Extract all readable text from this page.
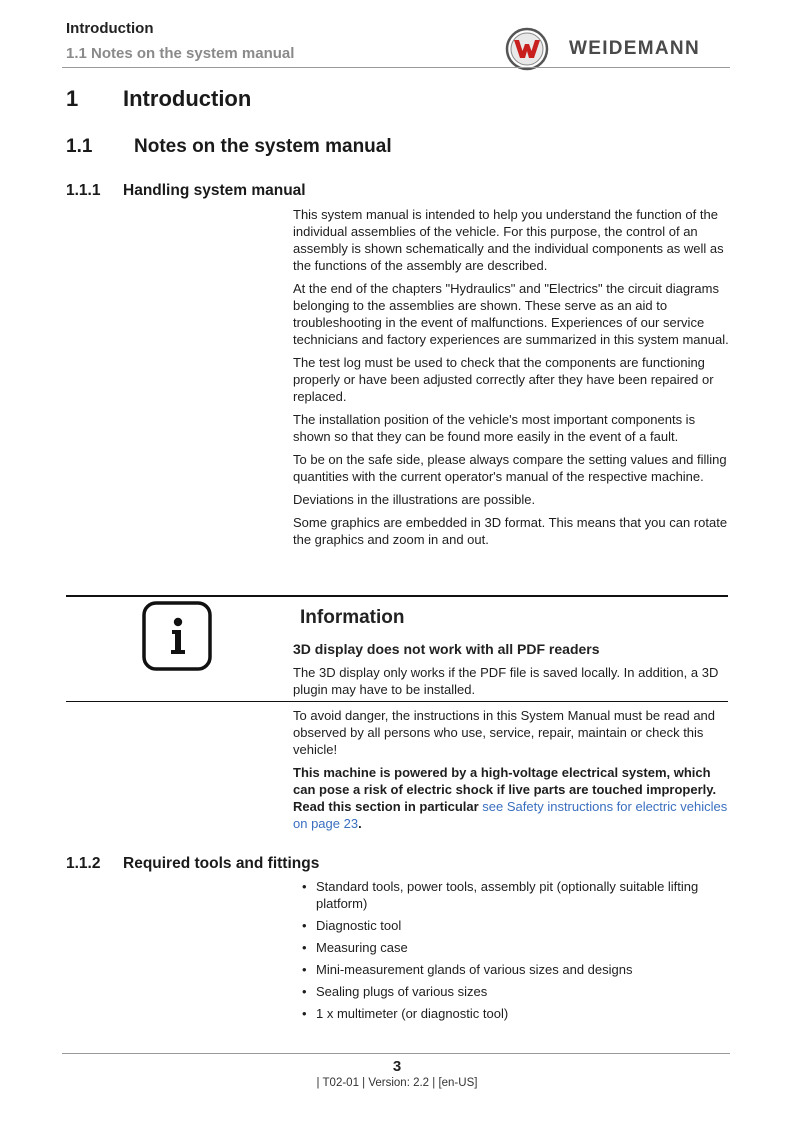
Introduction
1.1 Notes on the system manual	WEIDEMANN
1 Introduction
1.1 Notes on the system manual
1.1.1 Handling system manual

This system manual is intended to help you understand the function of the individual assemblies of the vehicle. For this purpose, the control of an assembly is shown schematically and the individual components as well as the functions of the assembly are described.

At the end of the chapters "Hydraulics" and "Electrics" the circuit diagrams belonging to the assemblies are shown. These serve as an aid to troubleshooting in the event of malfunctions. Experiences of our service technicians and factory experiences are summarized in this system manual.

The test log must be used to check that the components are functioning properly or have been adjusted correctly after they have been repaired or replaced.

The installation position of the vehicle's most important components is shown so that they can be found more easily in the event of a fault.

To be on the safe side, please always compare the setting values and filling quantities with the current operator's manual of the respective machine.

Deviations in the illustrations are possible.

Some graphics are embedded in 3D format. This means that you can rotate the graphics and zoom in and out.

Information
3D display does not work with all PDF readers
The 3D display only works if the PDF file is saved locally. In addition, a 3D plugin may have to be installed.

To avoid danger, the instructions in this System Manual must be read and observed by all persons who use, service, repair, maintain or check this vehicle!

This machine is powered by a high-voltage electrical system, which can pose a risk of electric shock if live parts are touched improperly. Read this section in particular see Safety instructions for electric vehicles on page 23.

1.1.2 Required tools and fittings
• Standard tools, power tools, assembly pit (optionally suitable lifting platform)
• Diagnostic tool
• Measuring case
• Mini-measurement glands of various sizes and designs
• Sealing plugs of various sizes
• 1 x multimeter (or diagnostic tool)
3
| T02-01 | Version: 2.2 | [en-US]
